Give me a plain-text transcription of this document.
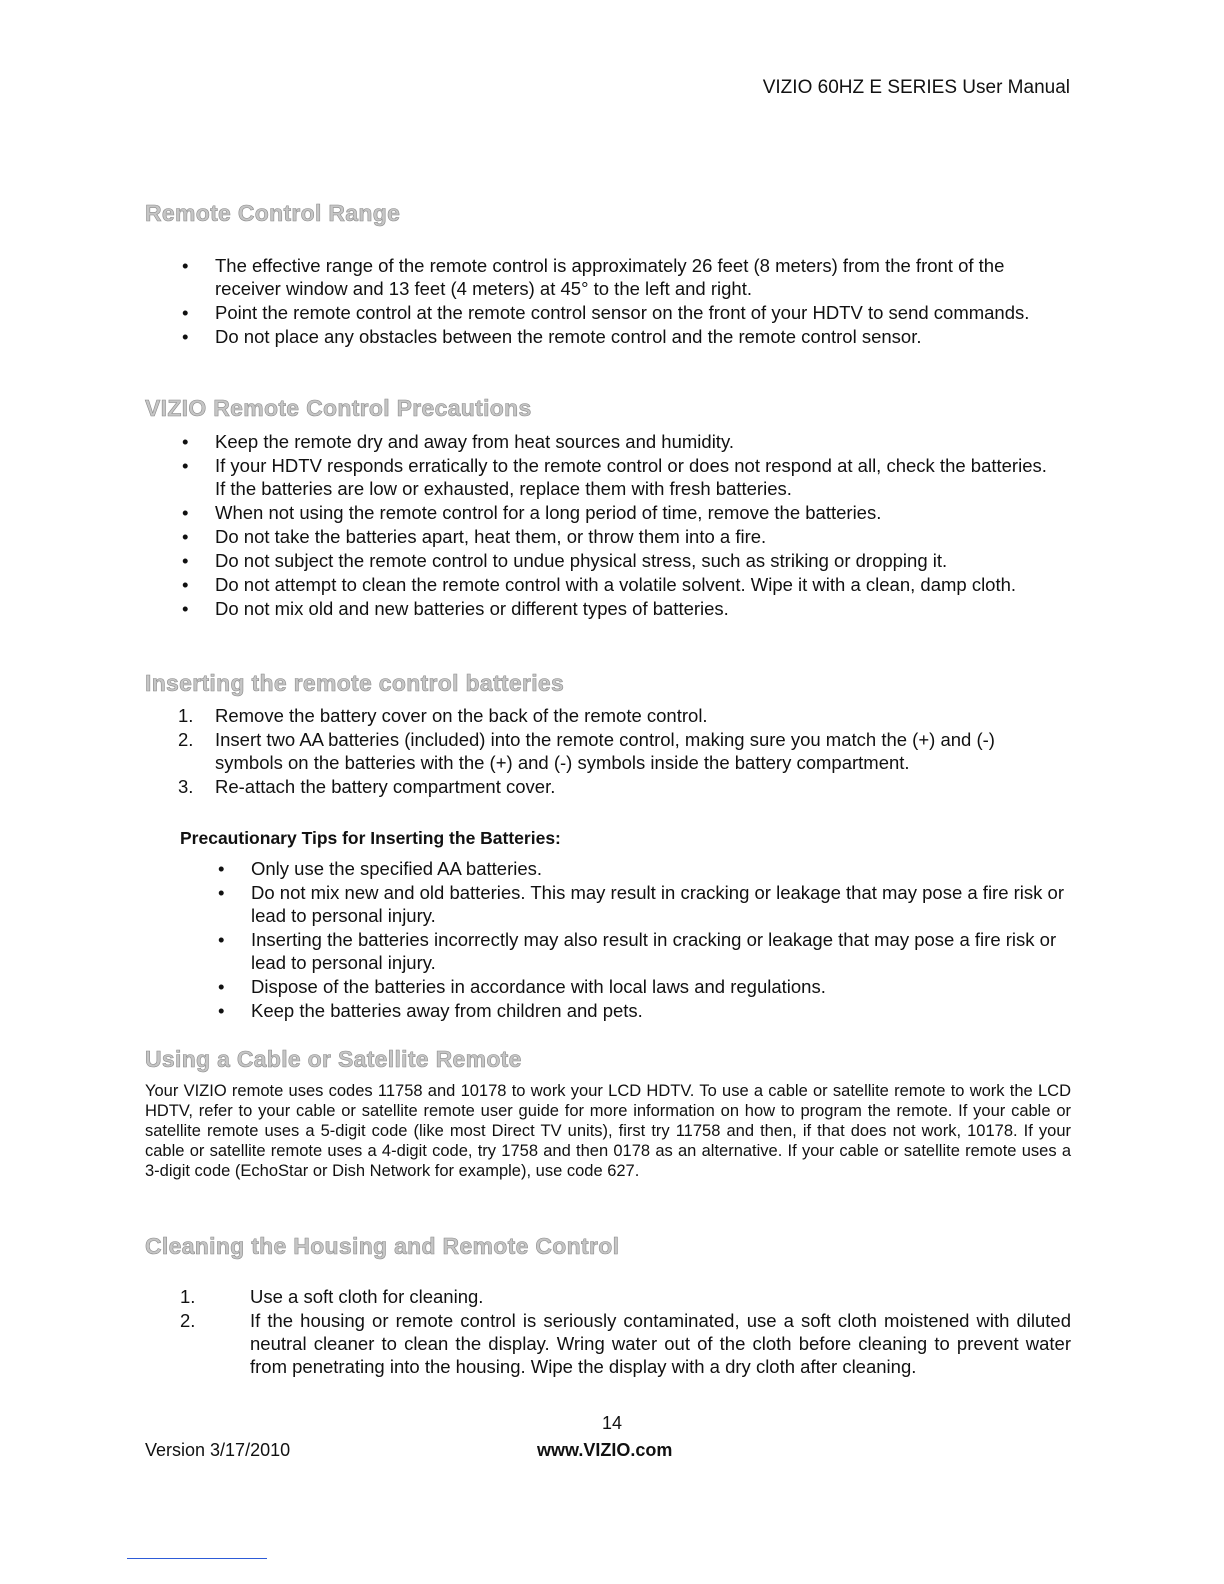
VIZIO 60HZ E SERIES User Manual
Remote Control Range
• The effective range of the remote control is approximately 26 feet (8 meters) from the front of the receiver window and 13 feet (4 meters) at 45° to the left and right.
• Point the remote control at the remote control sensor on the front of your HDTV to send commands.
• Do not place any obstacles between the remote control and the remote control sensor.
VIZIO Remote Control Precautions
• Keep the remote dry and away from heat sources and humidity.
• If your HDTV responds erratically to the remote control or does not respond at all, check the batteries. If the batteries are low or exhausted, replace them with fresh batteries.
• When not using the remote control for a long period of time, remove the batteries.
• Do not take the batteries apart, heat them, or throw them into a fire.
• Do not subject the remote control to undue physical stress, such as striking or dropping it.
• Do not attempt to clean the remote control with a volatile solvent. Wipe it with a clean, damp cloth.
• Do not mix old and new batteries or different types of batteries.
Inserting the remote control batteries
1. Remove the battery cover on the back of the remote control.
2. Insert two AA batteries (included) into the remote control, making sure you match the (+) and (-) symbols on the batteries with the (+) and (-) symbols inside the battery compartment.
3. Re-attach the battery compartment cover.
Precautionary Tips for Inserting the Batteries:
• Only use the specified AA batteries.
• Do not mix new and old batteries. This may result in cracking or leakage that may pose a fire risk or lead to personal injury.
• Inserting the batteries incorrectly may also result in cracking or leakage that may pose a fire risk or lead to personal injury.
• Dispose of the batteries in accordance with local laws and regulations.
• Keep the batteries away from children and pets.
Using a Cable or Satellite Remote

Your VIZIO remote uses codes 11758 and 10178 to work your LCD HDTV. To use a cable or satellite remote to work the LCD HDTV, refer to your cable or satellite remote user guide for more information on how to program the remote. If your cable or satellite remote uses a 5-digit code (like most Direct TV units), first try 11758 and then, if that does not work, 10178. If your cable or satellite remote uses a 4-digit code, try 1758 and then 0178 as an alternative. If your cable or satellite remote uses a 3-digit code (EchoStar or Dish Network for example), use code 627.

Cleaning the Housing and Remote Control
1.	Use a soft cloth for cleaning.
2.	If the housing or remote control is seriously contaminated, use a soft cloth moistened with diluted neutral cleaner to clean the display. Wring water out of the cloth before cleaning to prevent water from penetrating into the housing. Wipe the display with a dry cloth after cleaning.
14
Version 3/17/2010	www.VIZIO.com
